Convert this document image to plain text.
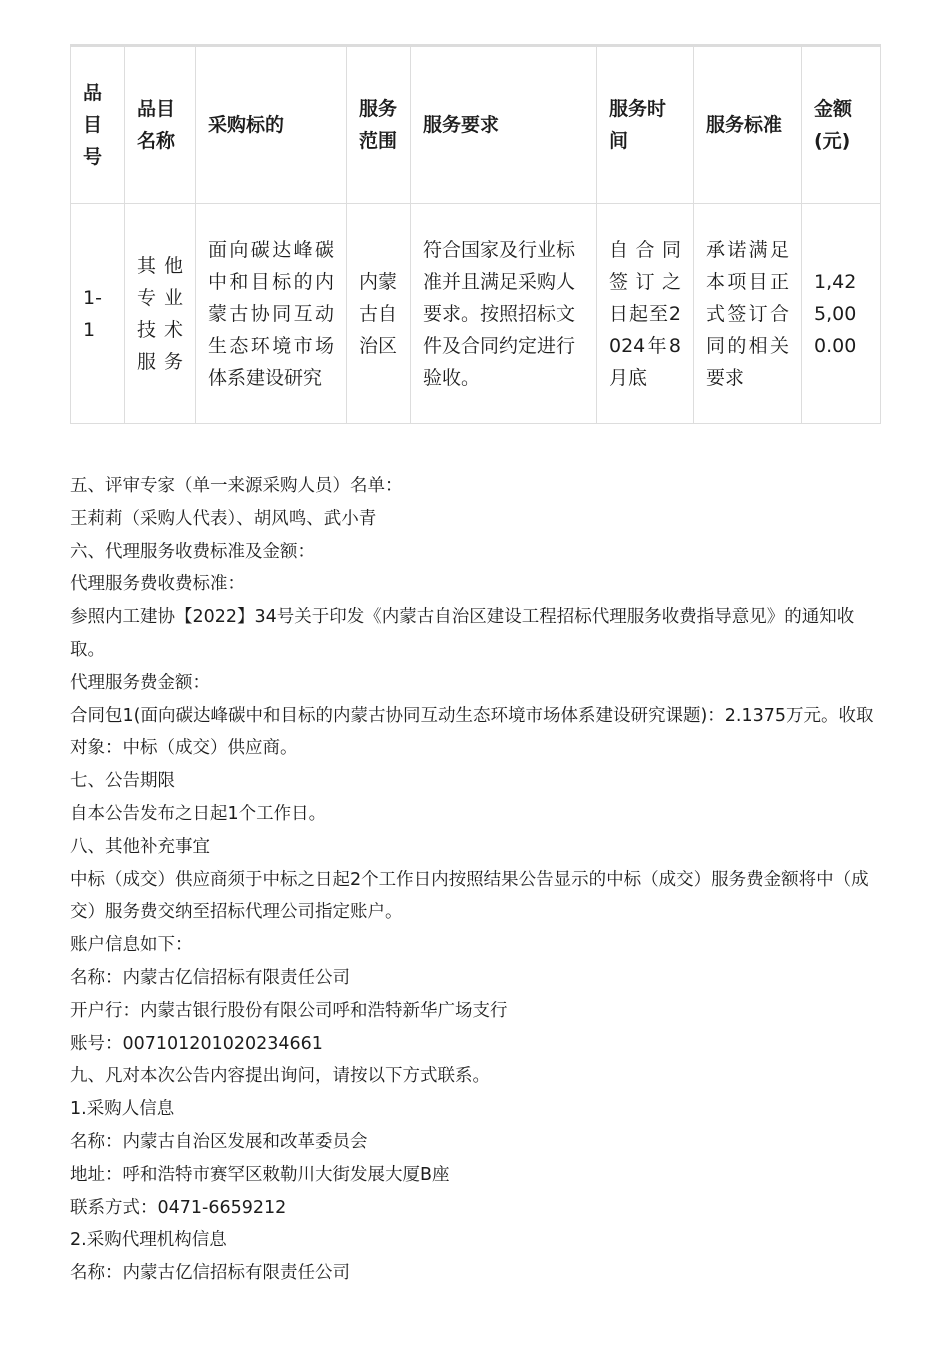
品目号	品目名称	采购标的	服务范围	服务要求	服务时间	服务标准	金额(元)
1-1	其他专业技术服务	面向碳达峰碳中和目标的内蒙古协同互动生态环境市场体系建设研究	内蒙古自治区	符合国家及行业标准并且满足采购人要求。按照招标文件及合同约定进行验收。	自合同签订之日起至2024年8月底	承诺满足本项目正式签订合同的相关要求	1,425,000.00

五、评审专家（单一来源采购人员）名单：

王莉莉（采购人代表）、胡风鸣、武小青

六、代理服务收费标准及金额：

代理服务费收费标准：

参照内工建协【2022】34号关于印发《内蒙古自治区建设工程招标代理服务收费指导意见》的通知收取。

代理服务费金额：

合同包1(面向碳达峰碳中和目标的内蒙古协同互动生态环境市场体系建设研究课题)：2.1375万元。收取对象：中标（成交）供应商。

七、公告期限

自本公告发布之日起1个工作日。

八、其他补充事宜

中标（成交）供应商须于中标之日起2个工作日内按照结果公告显示的中标（成交）服务费金额将中（成交）服务费交纳至招标代理公司指定账户。

账户信息如下：

名称：内蒙古亿信招标有限责任公司

开户行：内蒙古银行股份有限公司呼和浩特新华广场支行

账号：007101201020234661

九、凡对本次公告内容提出询问，请按以下方式联系。

1.采购人信息

名称：内蒙古自治区发展和改革委员会

地址：呼和浩特市赛罕区敕勒川大街发展大厦B座

联系方式：0471-6659212

2.采购代理机构信息

名称：内蒙古亿信招标有限责任公司
